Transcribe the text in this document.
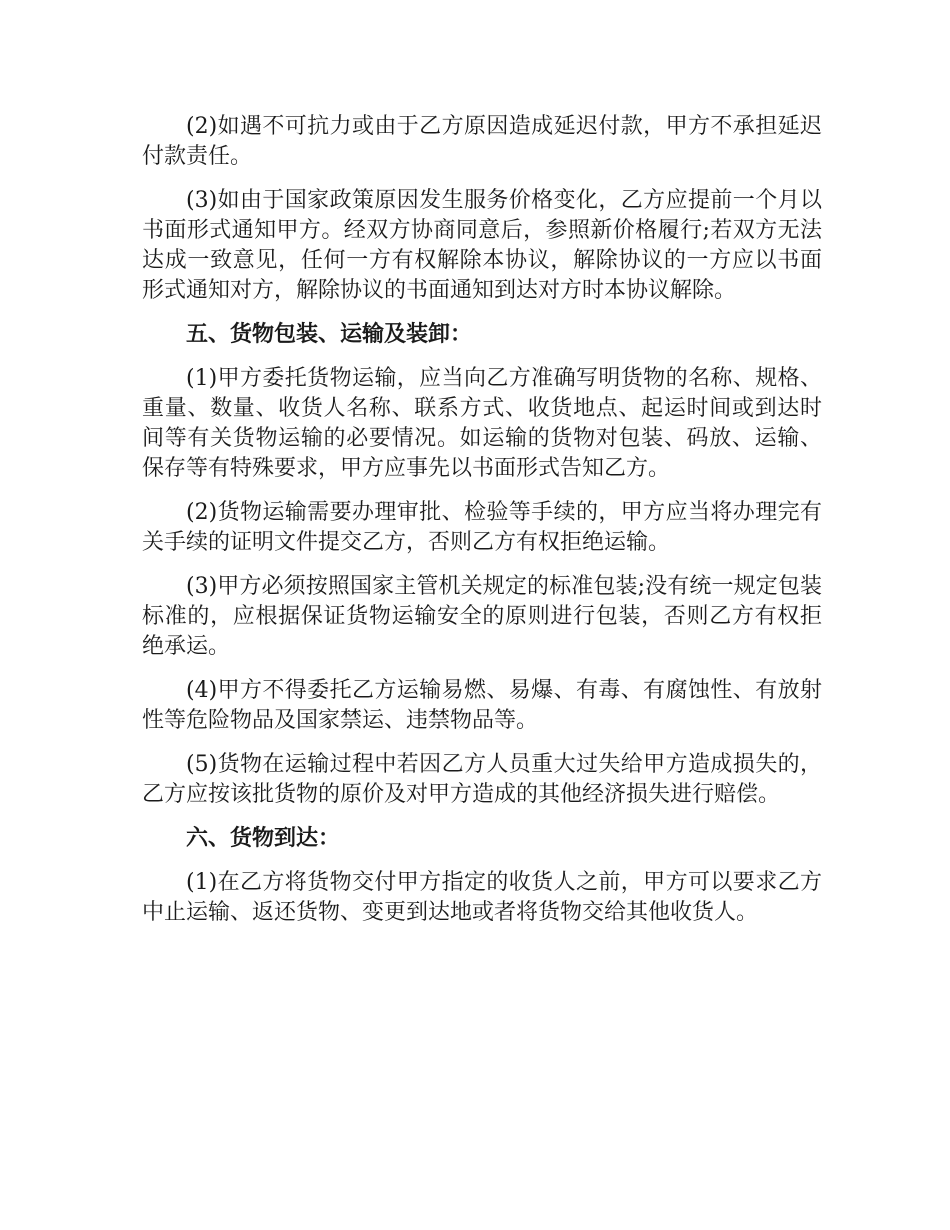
(2)如遇不可抗力或由于乙方原因造成延迟付款，甲方不承担延迟付款责任。

(3)如由于国家政策原因发生服务价格变化，乙方应提前一个月以书面形式通知甲方。经双方协商同意后，参照新价格履行;若双方无法达成一致意见，任何一方有权解除本协议，解除协议的一方应以书面形式通知对方，解除协议的书面通知到达对方时本协议解除。

五、货物包装、运输及装卸：

(1)甲方委托货物运输，应当向乙方准确写明货物的名称、规格、重量、数量、收货人名称、联系方式、收货地点、起运时间或到达时间等有关货物运输的必要情况。如运输的货物对包装、码放、运输、保存等有特殊要求，甲方应事先以书面形式告知乙方。

(2)货物运输需要办理审批、检验等手续的，甲方应当将办理完有关手续的证明文件提交乙方，否则乙方有权拒绝运输。

(3)甲方必须按照国家主管机关规定的标准包装;没有统一规定包装标准的，应根据保证货物运输安全的原则进行包装，否则乙方有权拒绝承运。

(4)甲方不得委托乙方运输易燃、易爆、有毒、有腐蚀性、有放射性等危险物品及国家禁运、违禁物品等。

(5)货物在运输过程中若因乙方人员重大过失给甲方造成损失的，乙方应按该批货物的原价及对甲方造成的其他经济损失进行赔偿。

六、货物到达：

(1)在乙方将货物交付甲方指定的收货人之前，甲方可以要求乙方中止运输、返还货物、变更到达地或者将货物交给其他收货人。
